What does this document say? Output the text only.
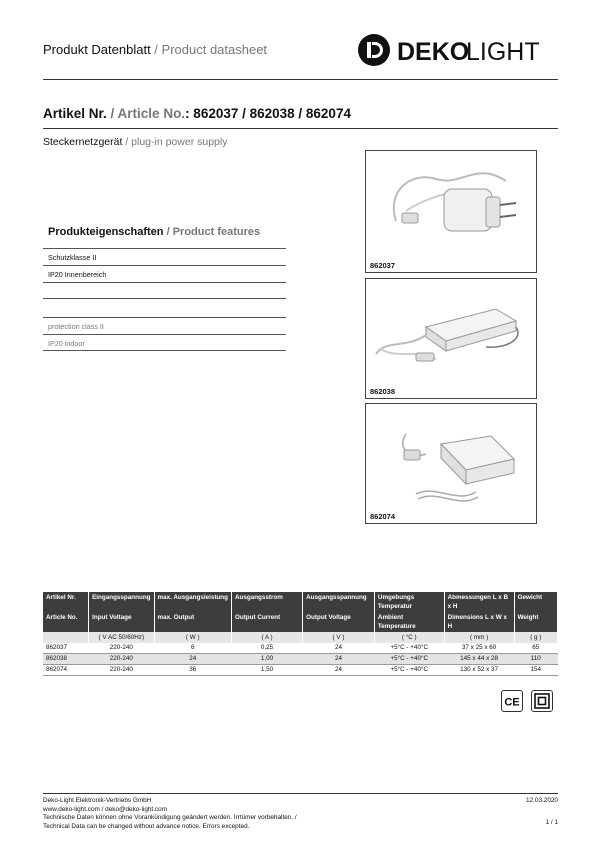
Produkt Datenblatt / Product datasheet	DEKO
LIGHT
Artikel Nr. / Article No.: 862037 / 862038 / 862074
Steckernetzgerät / plug-in power supply
862037
862038
862074
Produkteigenschaften / Product features
Schutzklasse II
IP20 Innenbereich
protection class II
IP20 indoor
Artikel Nr.	Eingangsspannung	max. Ausgangsleistung	Ausgangsstrom	Ausgangsspannung	Umgebungs Temperatur	Abmessungen L x B x H	Gewicht
Article No.	Input Voltage	max. Output	Output Current	Output Voltage	Ambient Temperature	Dimensions L x W x H	Weight
	( V AC 50/60Hz)	( W )	( A )	( V )	( °C )	( mm )	( g )
862037	220-240	6	0,25	24	+5°C - +40°C	37 x 25 x 60	65
862038	220-240	24	1,00	24	+5°C - +40°C	145 x 44 x 28	110
862074	220-240	36	1,50	24	+5°C - +40°C	130 x 52 x 37	154
CE
Deko-Light Elektronik-Vertriebs GmbH
www.deko-light.com / deko@deko-light.com
Technische Daten können ohne Vorankündigung geändert werden. Irrtümer vorbehalten. /
Technical Data can be changed without advance notice. Errors excepted.
12.03.2020
1 / 1
